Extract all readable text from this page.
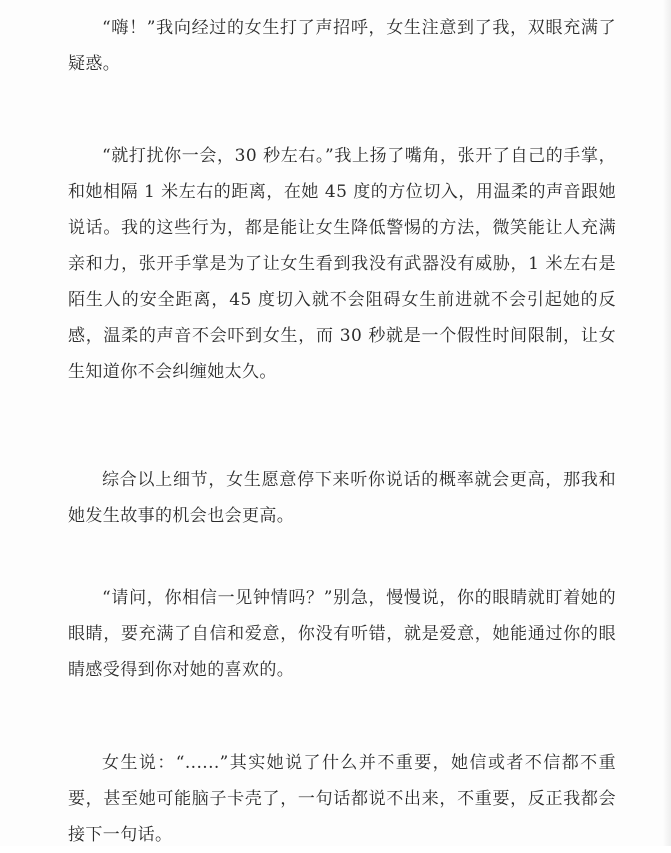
“嗨！”我向经过的女生打了声招呼，女生注意到了我，双眼充满了疑惑。

“就打扰你一会，30 秒左右。”我上扬了嘴角，张开了自己的手掌，和她相隔 1 米左右的距离，在她 45 度的方位切入，用温柔的声音跟她说话。我的这些行为，都是能让女生降低警惕的方法，微笑能让人充满亲和力，张开手掌是为了让女生看到我没有武器没有威胁，1 米左右是陌生人的安全距离，45 度切入就不会阻碍女生前进就不会引起她的反感，温柔的声音不会吓到女生，而 30 秒就是一个假性时间限制，让女生知道你不会纠缠她太久。

综合以上细节，女生愿意停下来听你说话的概率就会更高，那我和她发生故事的机会也会更高。

“请问，你相信一见钟情吗？”别急，慢慢说，你的眼睛就盯着她的眼睛，要充满了自信和爱意，你没有听错，就是爱意，她能通过你的眼睛感受得到你对她的喜欢的。

女生说：“......”其实她说了什么并不重要，她信或者不信都不重要，甚至她可能脑子卡壳了，一句话都说不出来，不重要，反正我都会接下一句话。
